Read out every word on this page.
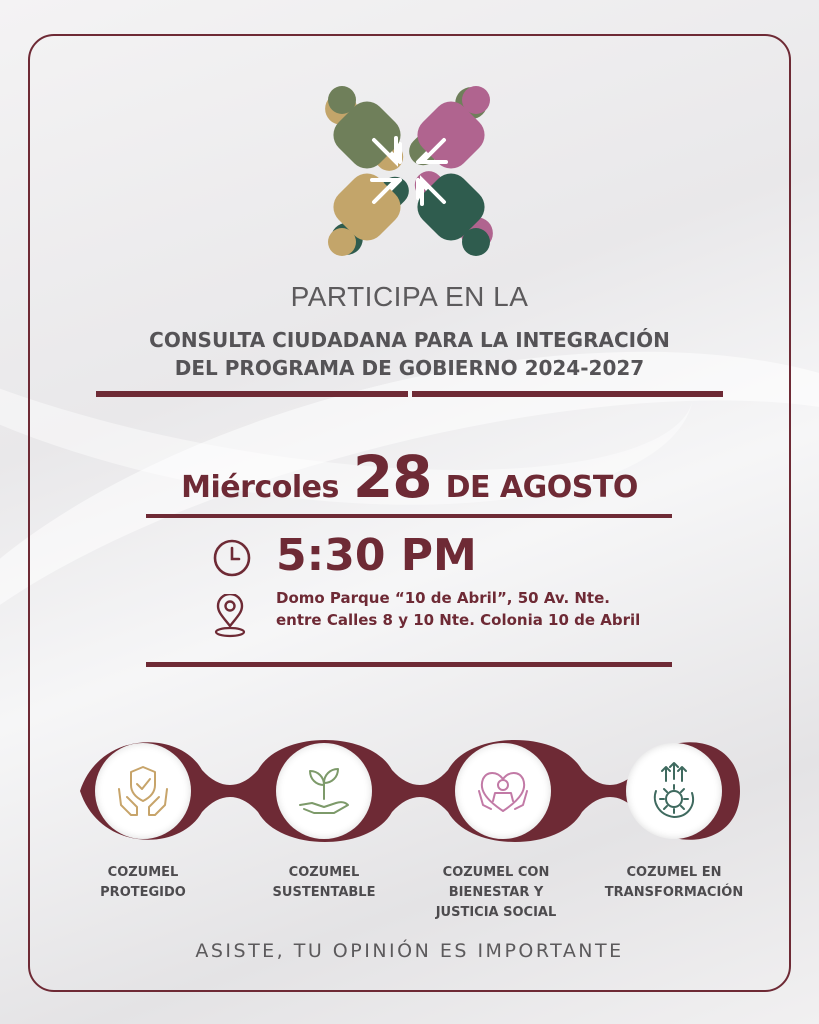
PARTICIPA EN LA
CONSULTA CIUDADANA PARA LA INTEGRACIÓN
DEL PROGRAMA DE GOBIERNO 2024-2027
Miércoles 28 DE AGOSTO
5:30 PM
Domo Parque “10 de Abril”, 50 Av. Nte.
entre Calles 8 y 10 Nte. Colonia 10 de Abril
COZUMEL
PROTEGIDO
COZUMEL
SUSTENTABLE
COZUMEL CON
BIENESTAR Y
JUSTICIA SOCIAL
COZUMEL EN
TRANSFORMACIÓN
ASISTE, TU OPINIÓN ES IMPORTANTE
